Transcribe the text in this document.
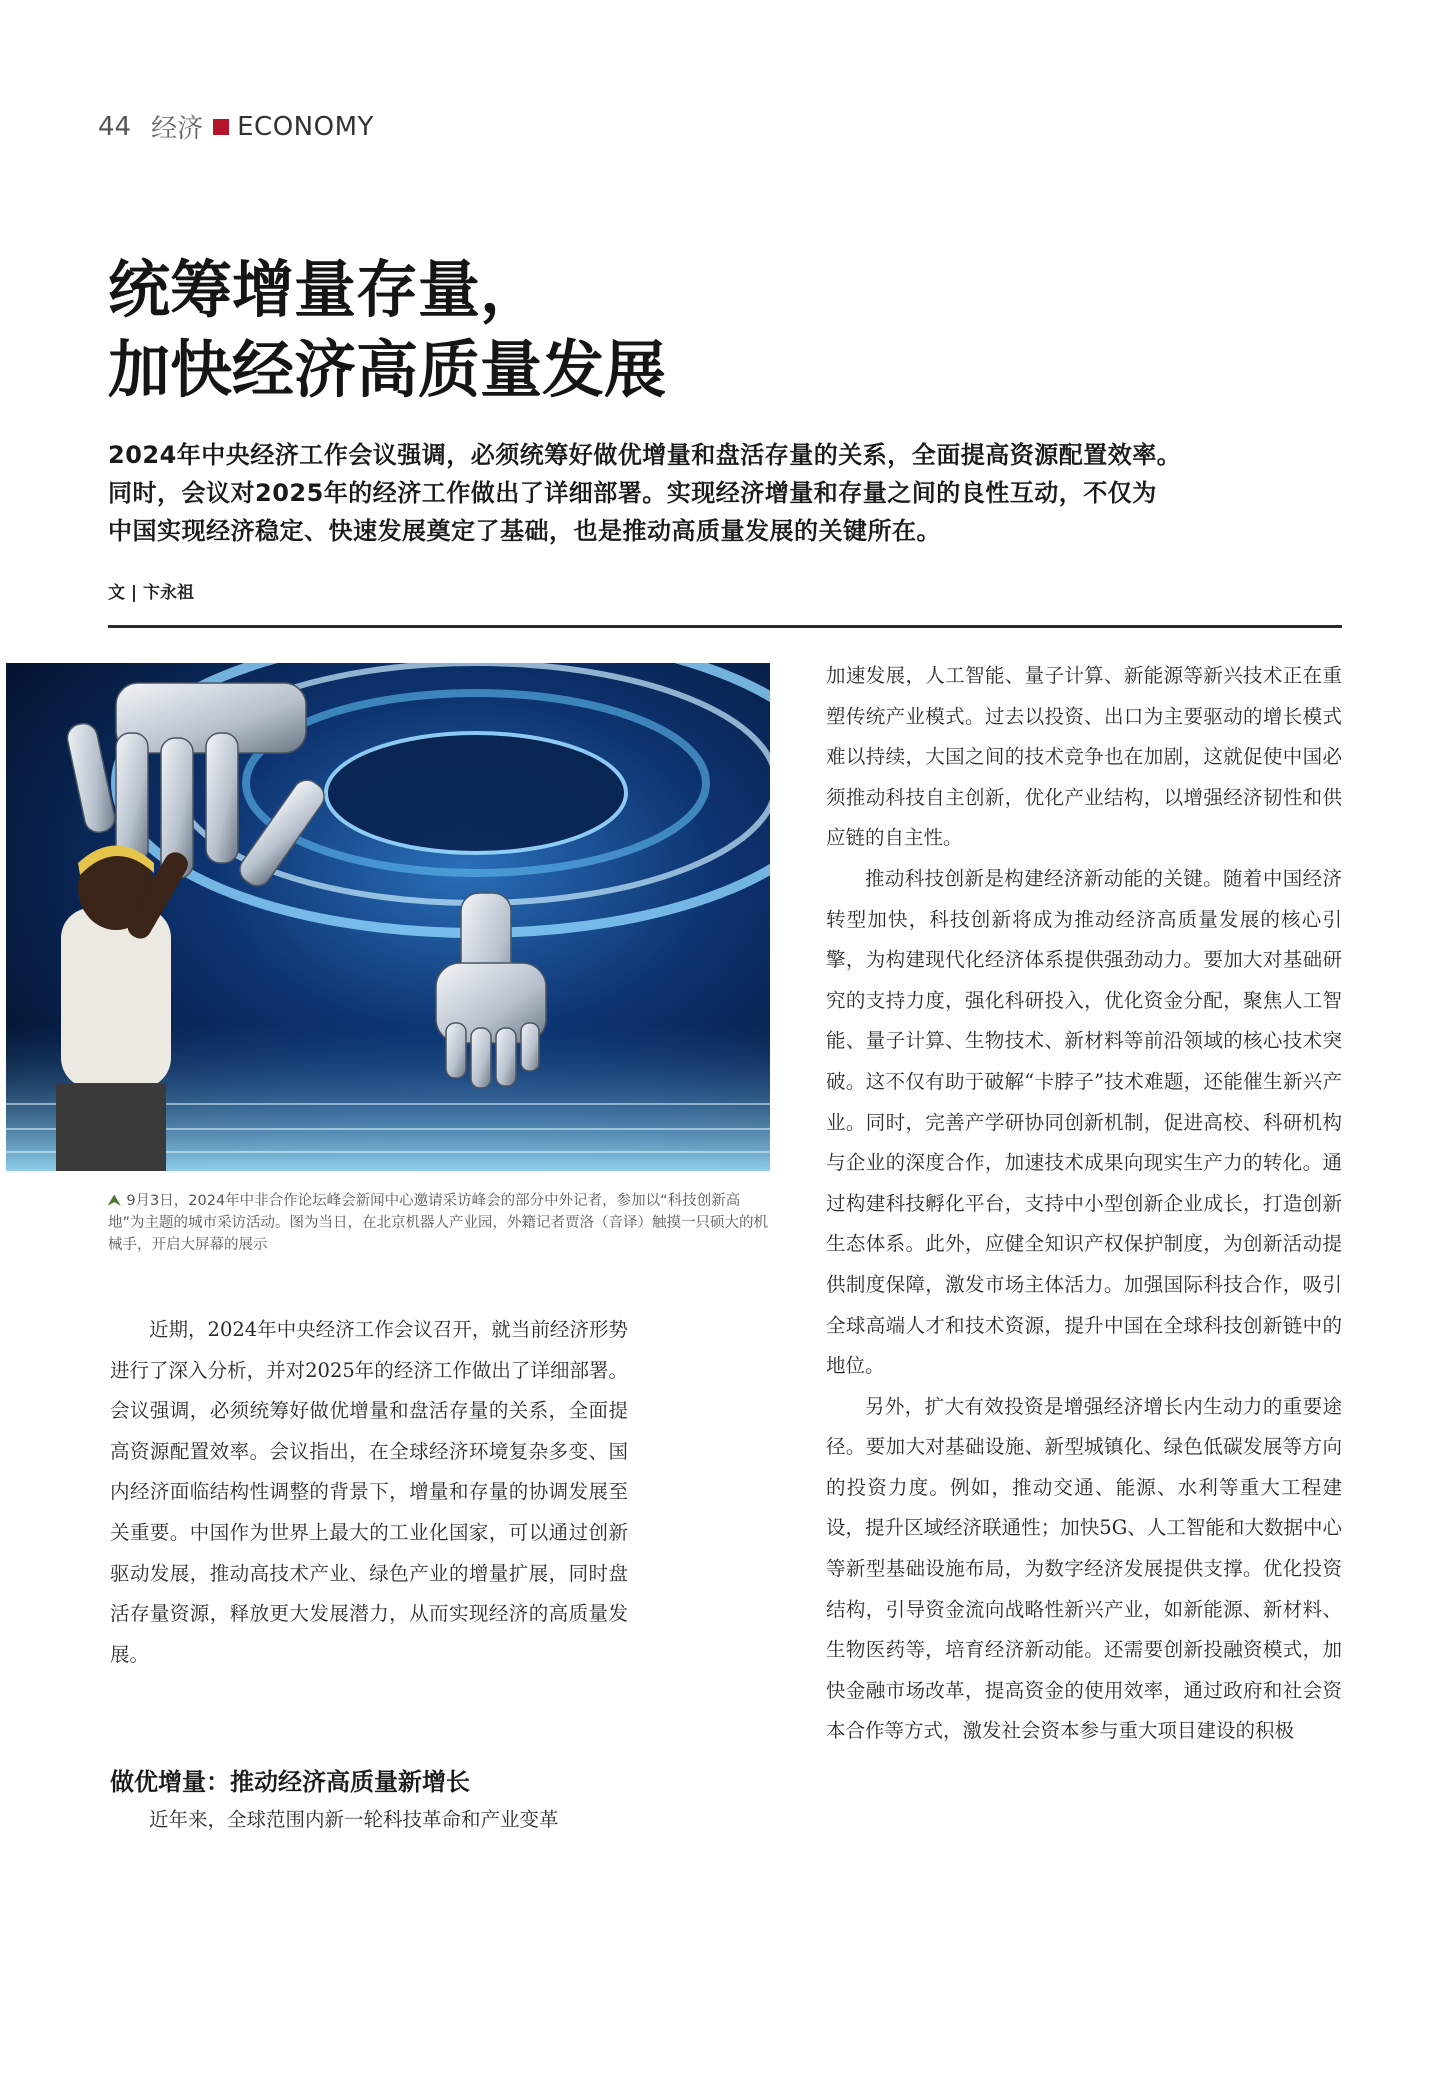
44 经济 ECONOMY
统筹增量存量，
加快经济高质量发展
2024年中央经济工作会议强调，必须统筹好做优增量和盘活存量的关系，全面提高资源配置效率。
同时，会议对2025年的经济工作做出了详细部署。实现经济增量和存量之间的良性互动，不仅为
中国实现经济稳定、快速发展奠定了基础，也是推动高质量发展的关键所在。
文 | 卞永祖
⮝ 9月3日，2024年中非合作论坛峰会新闻中心邀请采访峰会的部分中外记者，参加以“科技创新高地”为主题的城市采访活动。图为当日，在北京机器人产业园，外籍记者贾洛（音译）触摸一只硕大的机械手，开启大屏幕的展示

近期，2024年中央经济工作会议召开，就当前经济形势进行了深入分析，并对2025年的经济工作做出了详细部署。会议强调，必须统筹好做优增量和盘活存量的关系，全面提高资源配置效率。会议指出，在全球经济环境复杂多变、国内经济面临结构性调整的背景下，增量和存量的协调发展至关重要。中国作为世界上最大的工业化国家，可以通过创新驱动发展，推动高技术产业、绿色产业的增量扩展，同时盘活存量资源，释放更大发展潜力，从而实现经济的高质量发展。

做优增量：推动经济高质量新增长

近年来，全球范围内新一轮科技革命和产业变革

加速发展，人工智能、量子计算、新能源等新兴技术正在重塑传统产业模式。过去以投资、出口为主要驱动的增长模式难以持续，大国之间的技术竞争也在加剧，这就促使中国必须推动科技自主创新，优化产业结构，以增强经济韧性和供应链的自主性。

推动科技创新是构建经济新动能的关键。随着中国经济转型加快，科技创新将成为推动经济高质量发展的核心引擎，为构建现代化经济体系提供强劲动力。要加大对基础研究的支持力度，强化科研投入，优化资金分配，聚焦人工智能、量子计算、生物技术、新材料等前沿领域的核心技术突破。这不仅有助于破解“卡脖子”技术难题，还能催生新兴产业。同时，完善产学研协同创新机制，促进高校、科研机构与企业的深度合作，加速技术成果向现实生产力的转化。通过构建科技孵化平台，支持中小型创新企业成长，打造创新生态体系。此外，应健全知识产权保护制度，为创新活动提供制度保障，激发市场主体活力。加强国际科技合作，吸引全球高端人才和技术资源，提升中国在全球科技创新链中的地位。

另外，扩大有效投资是增强经济增长内生动力的重要途径。要加大对基础设施、新型城镇化、绿色低碳发展等方向的投资力度。例如，推动交通、能源、水利等重大工程建设，提升区域经济联通性；加快5G、人工智能和大数据中心等新型基础设施布局，为数字经济发展提供支撑。优化投资结构，引导资金流向战略性新兴产业，如新能源、新材料、生物医药等，培育经济新动能。还需要创新投融资模式，加快金融市场改革，提高资金的使用效率，通过政府和社会资本合作等方式，激发社会资本参与重大项目建设的积极
